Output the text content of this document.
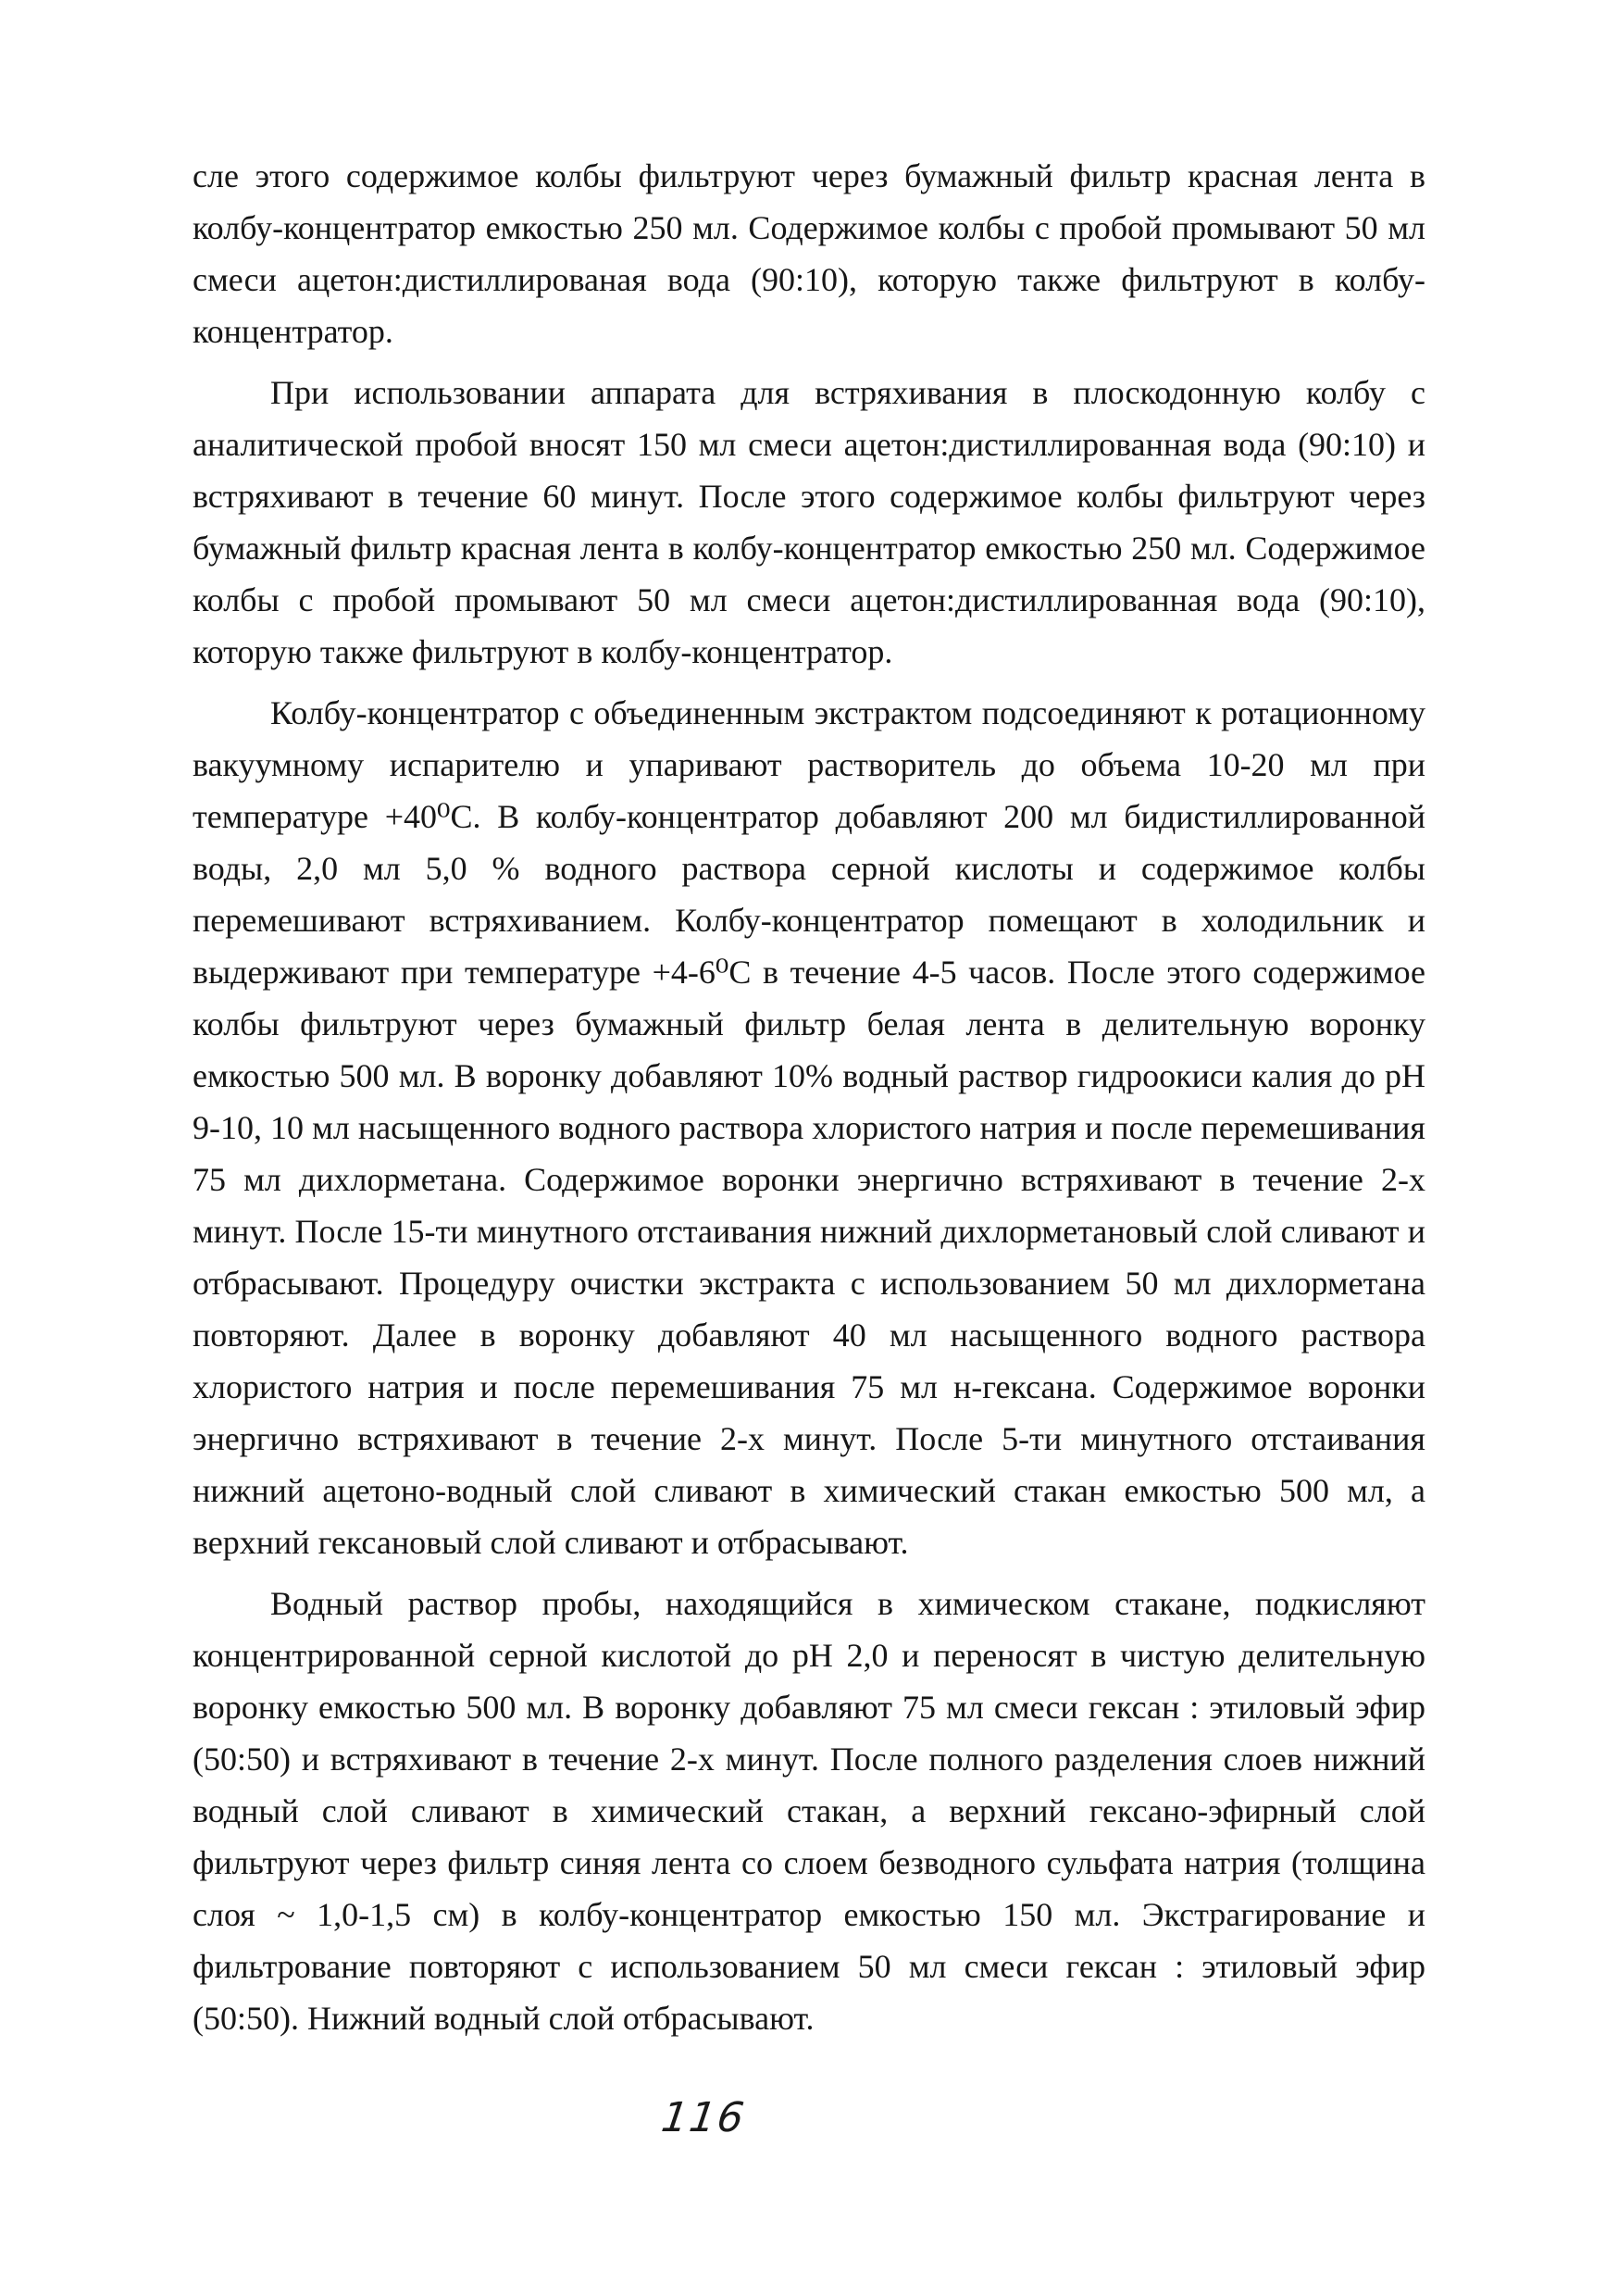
сле этого содержимое колбы фильтруют через бумажный фильтр красная лента в колбу-концентратор емкостью 250 мл. Содержимое колбы с пробой промывают 50 мл смеси ацетон:дистиллированая вода (90:10), которую также фильтруют в колбу-концентратор.

При использовании аппарата для встряхивания в плоскодонную колбу с аналитической пробой вносят 150 мл смеси ацетон:дистиллированная вода (90:10) и встряхивают в течение 60 минут. После этого содержимое колбы фильтруют через бумажный фильтр красная лента в колбу-концентратор емкостью 250 мл. Содержимое колбы с пробой промывают 50 мл смеси ацетон:дистиллированная вода (90:10), которую также фильтруют в колбу-концентратор.

Колбу-концентратор с объединенным экстрактом подсоединяют к ротационному вакуумному испарителю и упаривают растворитель до объема 10-20 мл при температуре +40⁰С. В колбу-концентратор добавляют 200 мл бидистиллированной воды, 2,0 мл 5,0 % водного раствора серной кислоты и содержимое колбы перемешивают встряхиванием. Колбу-концентратор помещают в холодильник и выдерживают при температуре +4-6⁰С в течение 4-5 часов. После этого содержимое колбы фильтруют через бумажный фильтр белая лента в делительную воронку емкостью 500 мл. В воронку добавляют 10% водный раствор гидроокиси калия до pH 9-10, 10 мл насыщенного водного раствора хлористого натрия и после перемешивания 75 мл дихлорметана. Содержимое воронки энергично встряхивают в течение 2-х минут. После 15-ти минутного отстаивания нижний дихлорметановый слой сливают и отбрасывают. Процедуру очистки экстракта с использованием 50 мл дихлорметана повторяют. Далее в воронку добавляют 40 мл насыщенного водного раствора хлористого натрия и после перемешивания 75 мл н-гексана. Содержимое воронки энергично встряхивают в течение 2-х минут. После 5-ти минутного отстаивания нижний ацетоно-водный слой сливают в химический стакан емкостью 500 мл, а верхний гексановый слой сливают и отбрасывают.

Водный раствор пробы, находящийся в химическом стакане, подкисляют концентрированной серной кислотой до pH 2,0 и переносят в чистую делительную воронку емкостью 500 мл. В воронку добавляют 75 мл смеси гексан : этиловый эфир (50:50) и встряхивают в течение 2-х минут. После полного разделения слоев нижний водный слой сливают в химический стакан, а верхний гексано-эфирный слой фильтруют через фильтр синяя лента со слоем безводного сульфата натрия (толщина слоя ~ 1,0-1,5 см) в колбу-концентратор емкостью 150 мл. Экстрагирование и фильтрование повторяют с использованием 50 мл смеси гексан : этиловый эфир (50:50). Нижний водный слой отбрасывают.

116
